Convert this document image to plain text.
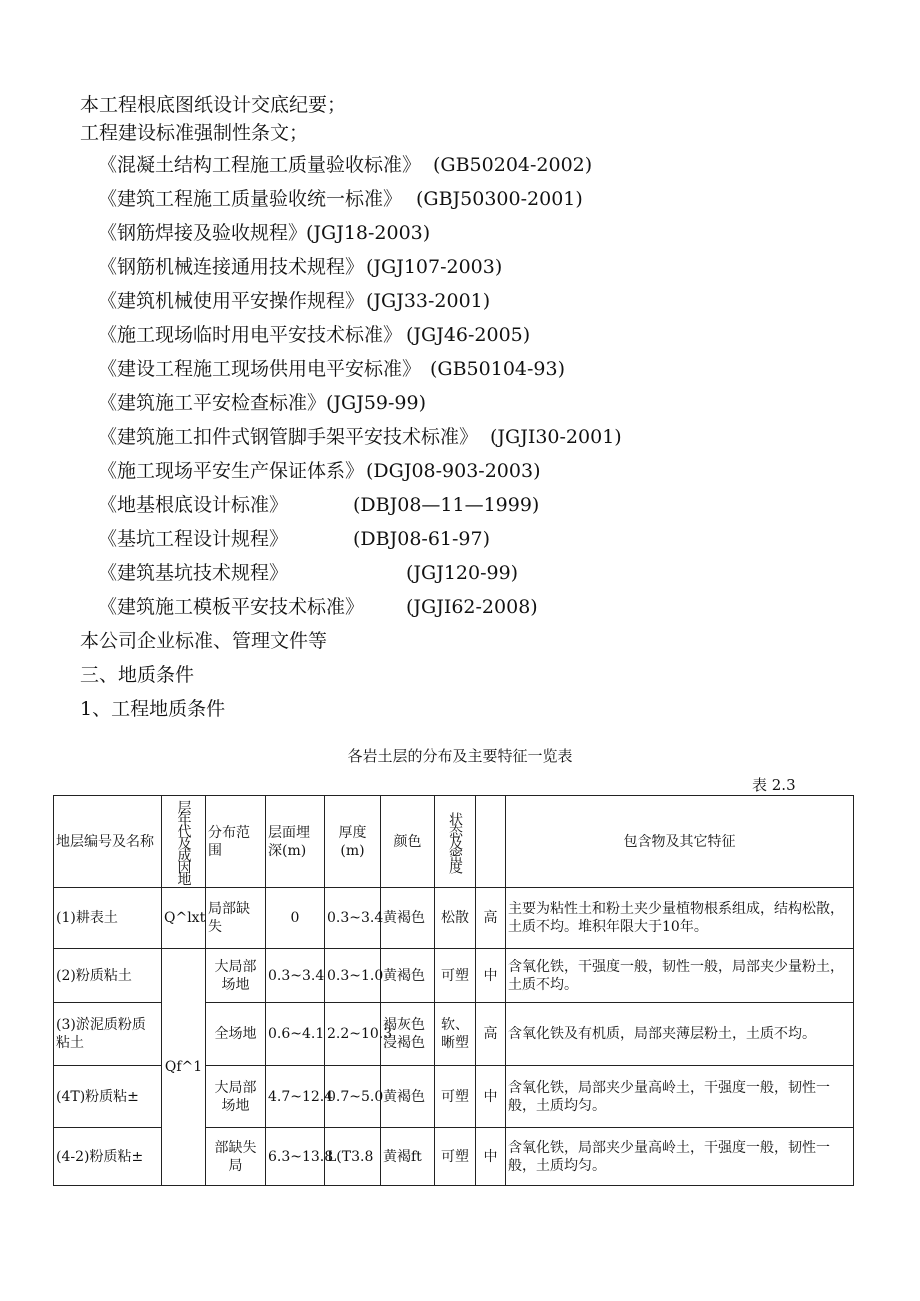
本工程根底图纸设计交底纪要；
工程建设标准强制性条文；
《混凝土结构工程施工质量验收标准》 (GB50204-2002)
《建筑工程施工质量验收统一标准》 (GBJ50300-2001)
《钢筋焊接及验收规程》
(JGJ18-2003)
《钢筋机械连接通用技术规程》 (JGJ107-2003)
《建筑机械使用平安操作规程》 (JGJ33-2001)
《施工现场临时用电平安技术标准》 (JGJ46-2005)
《建设工程施工现场供用电平安标准》 (GB50104-93)
《建筑施工平安检查标准》 (JGJ59-99)
《建筑施工扣件式钢管脚手架平安技术标准》 (JGJI30-2001)
《施工现场平安生产保证体系》 (DGJ08-903-2003)
《地基根底设计标准》	(DBJ08—11—1999)
《基坑工程设计规程》	(DBJ08-61-97)
《建筑基坑技术规程》	(JGJ120-99)
《建筑施工模板平安技术标准》 (JGJI62-2008)
本公司企业标准、管理文件等
三、地质条件
1、工程地质条件
各岩土层的分布及主要特征一览表
表 2.3
地层编号及名称	层年代及成因地	分布范围	层面埋深(m)	厚度(m)	颜色	状态及密度		包含物及其它特征
(1)耕表土	Q^lxt	局部缺失	0	0.3~3.4	黄褐色	松散	高	主要为粘性土和粉土夹少量植物根系组成，结构松散，土质不均。堆积年限大于10年。
(2)粉质粘土	Qf^1	大局部场地	0.3~3.4	0.3~1.0	黄褐色	可塑	中	含氧化铁，干强度一般，韧性一般，局部夹少量粉土，土质不均。
(3)淤泥质粉质粘土		全场地	0.6~4.1	2.2~10.3	褐灰色浸褐色	软、晰塑	高	含氧化铁及有机质，局部夹薄层粉土，土质不均。
(4T)粉质粘±		大局部场地	4.7~12.4	0.7~5.0	黄褐色	可塑	中	含氧化铁，局部夹少量高岭土，干强度一般，韧性一般，土质均匀。
(4-2)粉质粘±		部缺失局	6.3~13.8	L(T3.8	黄褐ft	可塑	中	含氧化铁，局部夹少量高岭土，干强度一般，韧性一般，土质均匀。
